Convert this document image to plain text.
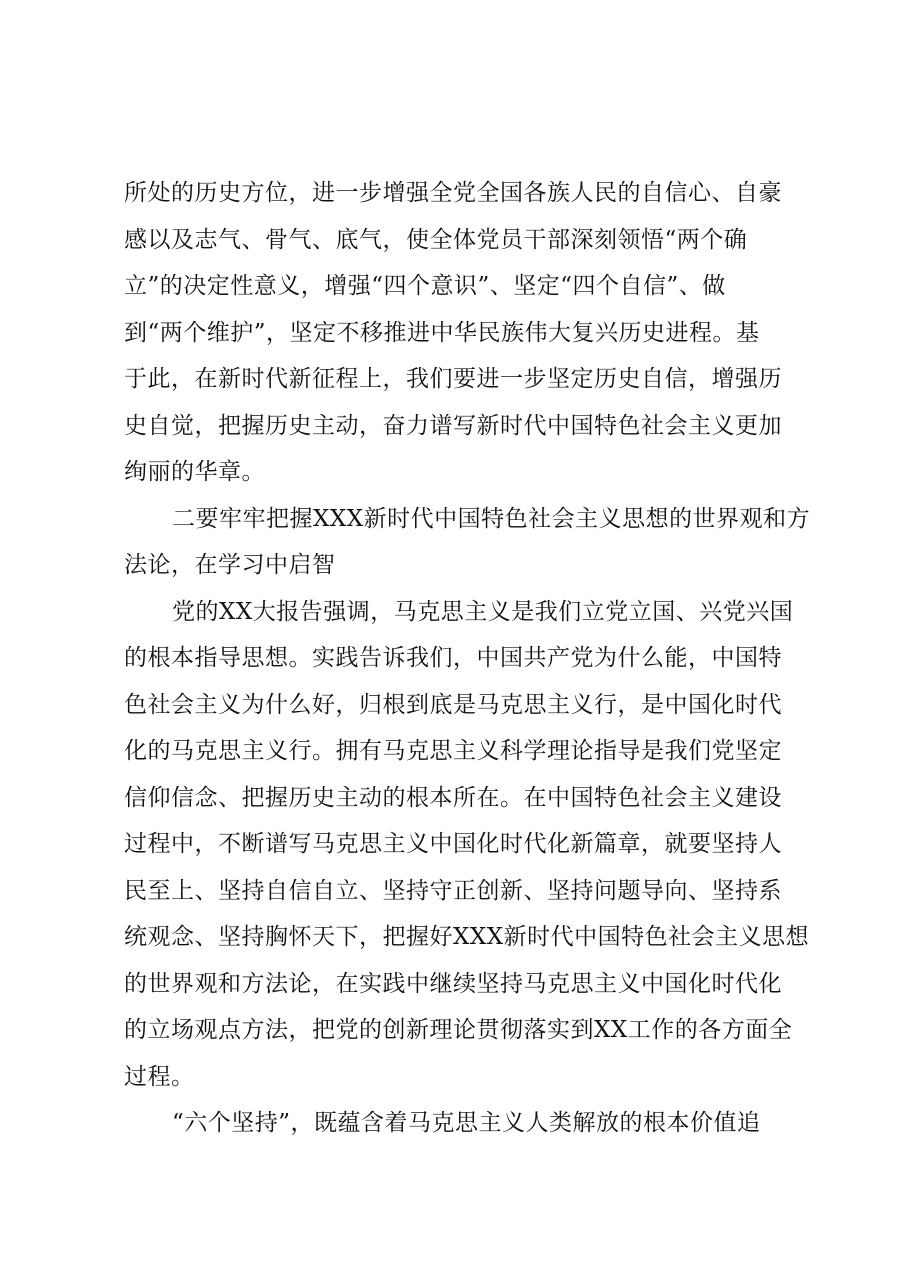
所处的历史方位，进一步增强全党全国各族人民的自信心、自豪
感以及志气、骨气、底气，使全体党员干部深刻领悟“两个确
立”的决定性意义，增强“四个意识”、坚定“四个自信”、做
到“两个维护”，坚定不移推进中华民族伟大复兴历史进程。基
于此，在新时代新征程上，我们要进一步坚定历史自信，增强历
史自觉，把握历史主动，奋力谱写新时代中国特色社会主义更加
绚丽的华章。
二要牢牢把握XXX新时代中国特色社会主义思想的世界观和方
法论，在学习中启智
党的XX大报告强调，马克思主义是我们立党立国、兴党兴国
的根本指导思想。实践告诉我们，中国共产党为什么能，中国特
色社会主义为什么好，归根到底是马克思主义行，是中国化时代
化的马克思主义行。拥有马克思主义科学理论指导是我们党坚定
信仰信念、把握历史主动的根本所在。在中国特色社会主义建设
过程中，不断谱写马克思主义中国化时代化新篇章，就要坚持人
民至上、坚持自信自立、坚持守正创新、坚持问题导向、坚持系
统观念、坚持胸怀天下，把握好XXX新时代中国特色社会主义思想
的世界观和方法论，在实践中继续坚持马克思主义中国化时代化
的立场观点方法，把党的创新理论贯彻落实到XX工作的各方面全
过程。
“六个坚持”，既蕴含着马克思主义人类解放的根本价值追
